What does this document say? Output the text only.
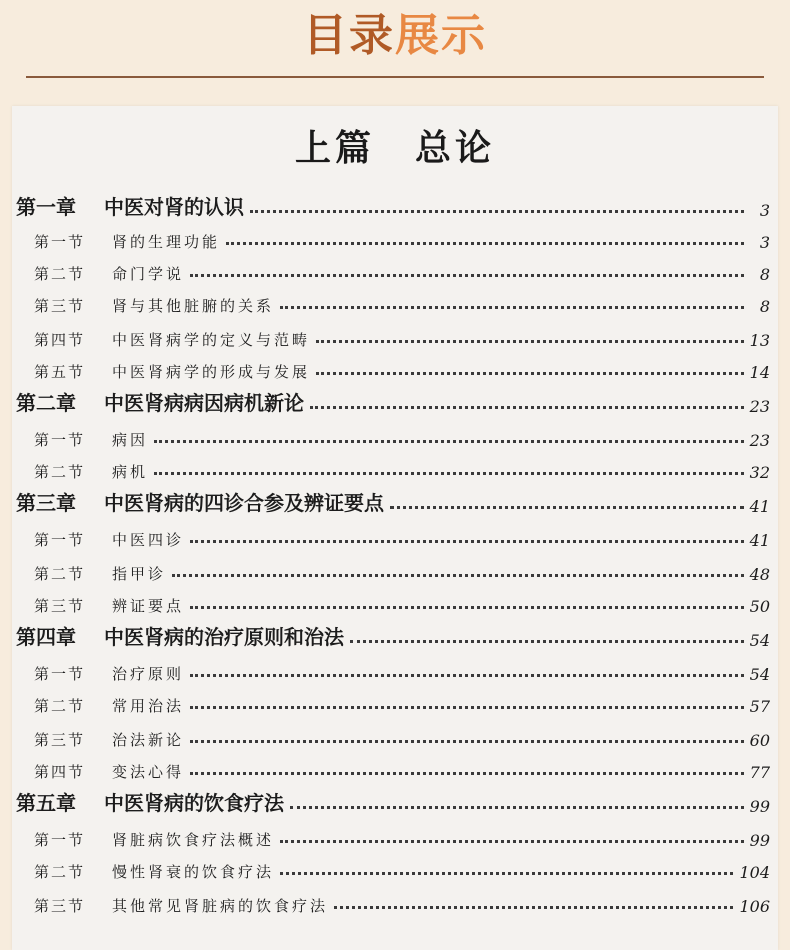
目录展示
上篇　总论
第一章	中医对肾的认识	3
第一节	肾的生理功能	3
第二节	命门学说	8
第三节	肾与其他脏腑的关系	8
第四节	中医肾病学的定义与范畴	13
第五节	中医肾病学的形成与发展	14
第二章	中医肾病病因病机新论	23
第一节	病因	23
第二节	病机	32
第三章	中医肾病的四诊合参及辨证要点	41
第一节	中医四诊	41
第二节	指甲诊	48
第三节	辨证要点	50
第四章	中医肾病的治疗原则和治法	54
第一节	治疗原则	54
第二节	常用治法	57
第三节	治法新论	60
第四节	变法心得	77
第五章	中医肾病的饮食疗法	99
第一节	肾脏病饮食疗法概述	99
第二节	慢性肾衰的饮食疗法	104
第三节	其他常见肾脏病的饮食疗法	106
